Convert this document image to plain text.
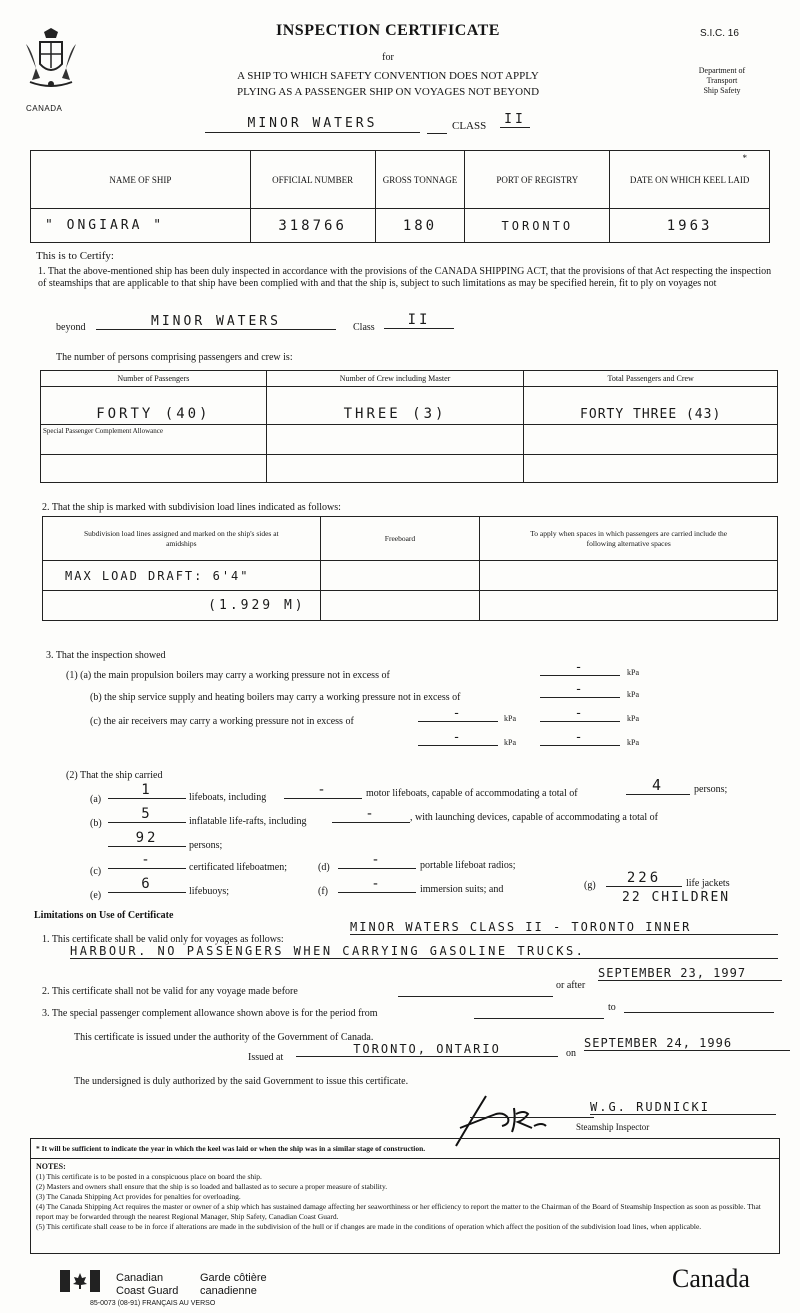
CANADA
INSPECTION CERTIFICATE
for
A SHIP TO WHICH SAFETY CONVENTION DOES NOT APPLY
PLYING AS A PASSENGER SHIP ON VOYAGES NOT BEYOND
S.I.C. 16
Department of
Transport
Ship Safety
MINOR WATERS	CLASS	II
NAME OF SHIP	OFFICIAL NUMBER	GROSS TONNAGE	PORT OF REGISTRY	DATE ON WHICH KEEL LAID
*

" ONGIARA "	318766	180	TORONTO	1963
This is to Certify:
1. That the above-mentioned ship has been duly inspected in accordance with the provisions of the CANADA SHIPPING ACT, that the provisions of that Act respecting the inspection of steamships that are applicable to that ship have been complied with and that the ship is, subject to such limitations as may be specified herein, fit to ply on voyages not
beyond	MINOR WATERS	Class	II
The number of persons comprising passengers and crew is:
Number of Passengers	Number of Crew including Master	Total Passengers and Crew
FORTY (40)	THREE (3)	FORTY THREE (43)
Special Passenger Complement Allowance		

2. That the ship is marked with subdivision load lines indicated as follows:
Subdivision load lines assigned and marked on the ship's sides at amidships	Freeboard	To apply when spaces in which passengers are carried include the following alternative spaces
MAX LOAD DRAFT: 6'4"		
(1.929 M)		
3. That the inspection showed
(1) (a) the main propulsion boilers may carry a working pressure not in excess of
-	kPa
(b) the ship service supply and heating boilers may carry a working pressure not in excess of
-	kPa
(c) the air receivers may carry a working pressure not in excess of
-	kPa	-	kPa
-	kPa	-	kPa
(2) That the ship carried
(a)
1	lifeboats, including	-	motor lifeboats, capable of accommodating a total of	4	persons;
(b)
5	inflatable life-rafts, including	-	, with launching devices, capable of accommodating a total of
92	persons;
(c)
-	certificated lifeboatmen;	(d)	-	portable lifeboat radios;
(e)
6	lifebuoys;	(f)	-	immersion suits; and	(g)	226	life jackets
22 CHILDREN
Limitations on Use of Certificate
1. This certificate shall be valid only for voyages as follows:
MINOR WATERS CLASS II - TORONTO INNER
HARBOUR. NO PASSENGERS WHEN CARRYING GASOLINE TRUCKS.
2. This certificate shall not be valid for any voyage made before
or after
SEPTEMBER 23, 1997
3. The special passenger complement allowance shown above is for the period from
to
This certificate is issued under the authority of the Government of Canada.
Issued at
TORONTO, ONTARIO	on
SEPTEMBER 24, 1996
The undersigned is duly authorized by the said Government to issue this certificate.
W.G. RUDNICKI
Steamship Inspector
* It will be sufficient to indicate the year in which the keel was laid or when the ship was in a similar stage of construction.
NOTES:
(1) This certificate is to be posted in a conspicuous place on board the ship.
(2) Masters and owners shall ensure that the ship is so loaded and ballasted as to secure a proper measure of stability.
(3) The Canada Shipping Act provides for penalties for overloading.
(4) The Canada Shipping Act requires the master or owner of a ship which has sustained damage affecting her seaworthiness or her efficiency to report the matter to the Chairman of the Board of Steamship Inspection as soon as possible. That report may be forwarded through the nearest Regional Manager, Ship Safety, Canadian Coast Guard.
(5) This certificate shall cease to be in force if alterations are made in the subdivision of the hull or if changes are made in the conditions of operation which affect the position of the subdivision load lines, when applicable.
Canadian
Coast Guard
Garde côtière
canadienne
85-0073 (08-91) FRANÇAIS AU VERSO
Canada
